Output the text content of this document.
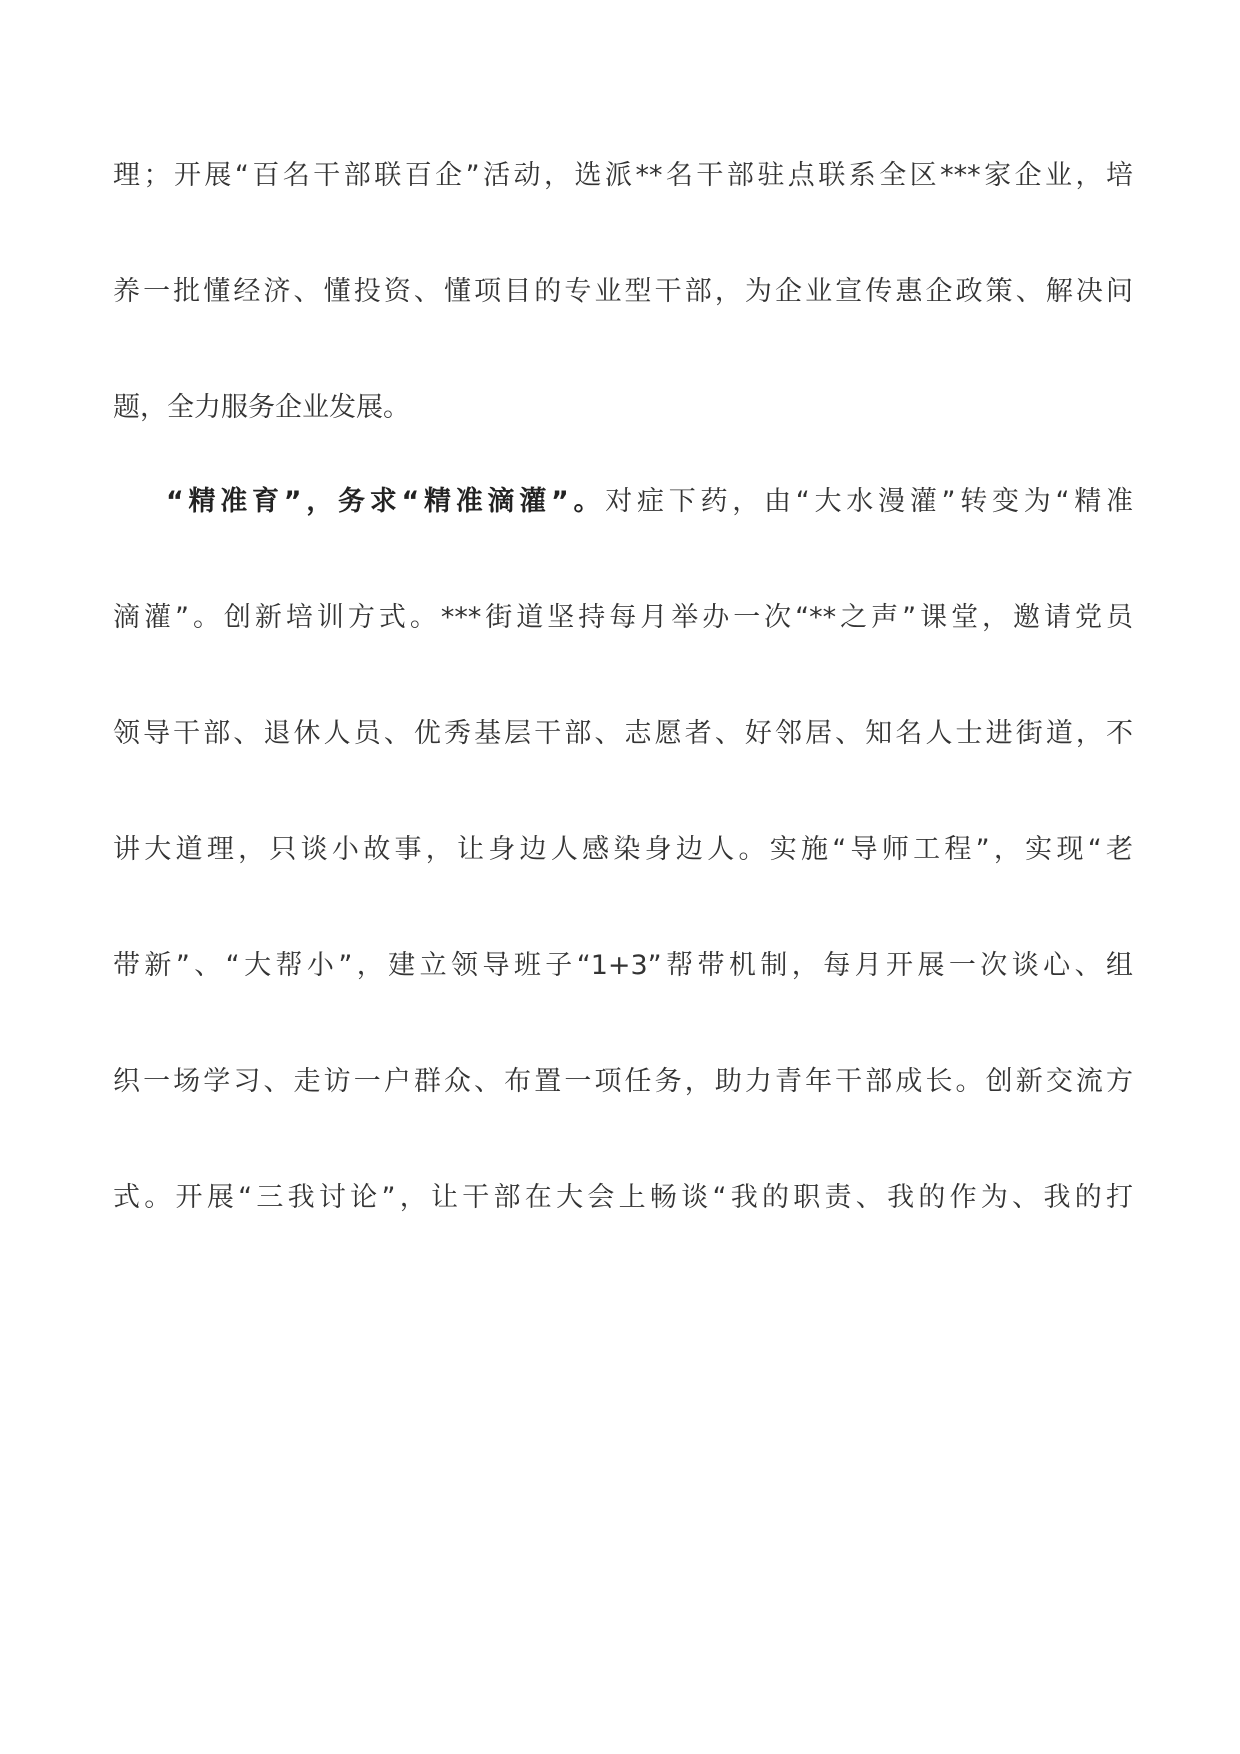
理；开展“百名干部联百企”活动，选派**名干部驻点联系全区***家企业，培
养一批懂经济、懂投资、懂项目的专业型干部，为企业宣传惠企政策、解决问
题，全力服务企业发展。
“精准育”，务求“精准滴灌”。对症下药，由“大水漫灌”转变为“精准
滴灌”。创新培训方式。***街道坚持每月举办一次“**之声”课堂，邀请党员
领导干部、退休人员、优秀基层干部、志愿者、好邻居、知名人士进街道，不
讲大道理，只谈小故事，让身边人感染身边人。实施“导师工程”，实现“老
带新”、“大帮小”，建立领导班子“1+3”帮带机制，每月开展一次谈心、组
织一场学习、走访一户群众、布置一项任务，助力青年干部成长。创新交流方
式。开展“三我讨论”，让干部在大会上畅谈“我的职责、我的作为、我的打
